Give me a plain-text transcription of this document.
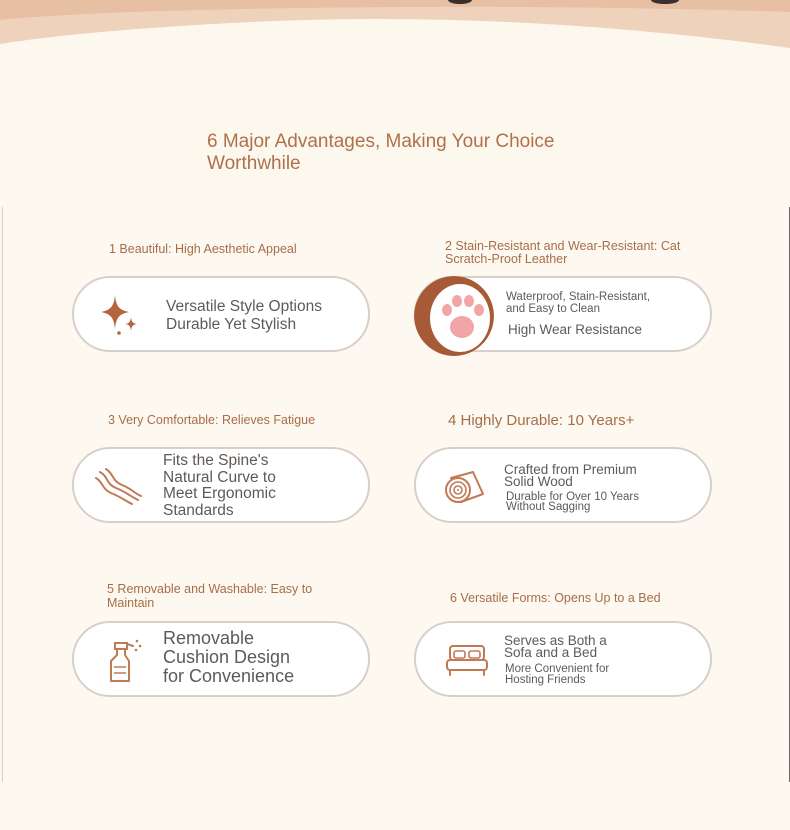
6 Major Advantages, Making Your Choice Worthwhile
1 Beautiful: High Aesthetic Appeal
Versatile Style Options
Durable Yet Stylish
2 Stain-Resistant and Wear-Resistant: Cat Scratch-Proof Leather
Waterproof, Stain-Resistant, and Easy to Clean
High Wear Resistance
3 Very Comfortable: Relieves Fatigue
Fits the Spine's Natural Curve to Meet Ergonomic Standards
4 Highly Durable: 10 Years+
Crafted from Premium Solid Wood
Durable for Over 10 Years Without Sagging
5 Removable and Washable: Easy to Maintain
Removable Cushion Design for Convenience
6 Versatile Forms: Opens Up to a Bed
Serves as Both a Sofa and a Bed
More Convenient for Hosting Friends
